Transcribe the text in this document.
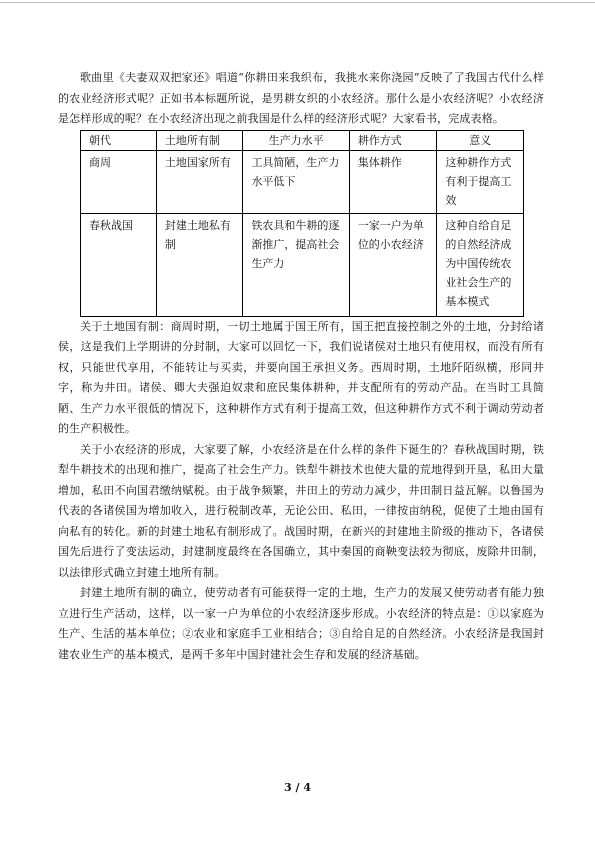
歌曲里《夫妻双双把家还》唱道“你耕田来我织布，我挑水来你浇园”反映了了我国古代什么样的农业经济形式呢？正如书本标题所说，是男耕女织的小农经济。那什么是小农经济呢？小农经济是怎样形成的呢？在小农经济出现之前我国是什么样的经济形式呢？大家看书，完成表格。

朝代	土地所有制	生产力水平	耕作方式	意义
商周	土地国家所有	工具简陋，生产力水平低下	集体耕作	这种耕作方式有利于提高工效
春秋战国	封建土地私有制	铁农具和牛耕的逐渐推广，提高社会生产力	一家一户为单位的小农经济	这种自给自足的自然经济成为中国传统农业社会生产的基本模式

关于土地国有制：商周时期，一切土地属于国王所有，国王把直接控制之外的土地，分封给诸侯，这是我们上学期讲的分封制，大家可以回忆一下，我们说诸侯对土地只有使用权，而没有所有权，只能世代享用，不能转让与买卖，并要向国王承担义务。西周时期，土地阡陌纵横，形同井字，称为井田。诸侯、卿大夫强迫奴隶和庶民集体耕种，并支配所有的劳动产品。在当时工具简陋、生产力水平很低的情况下，这种耕作方式有利于提高工效，但这种耕作方式不利于调动劳动者的生产积极性。

关于小农经济的形成，大家要了解，小农经济是在什么样的条件下诞生的？春秋战国时期，铁犁牛耕技术的出现和推广，提高了社会生产力。铁犁牛耕技术也使大量的荒地得到开垦，私田大量增加，私田不向国君缴纳赋税。由于战争频繁，井田上的劳动力减少，井田制日益瓦解。以鲁国为代表的各诸侯国为增加收入，进行税制改革，无论公田、私田，一律按亩纳税，促使了土地由国有向私有的转化。新的封建土地私有制形成了。战国时期，在新兴的封建地主阶级的推动下，各诸侯国先后进行了变法运动，封建制度最终在各国确立，其中秦国的商鞅变法较为彻底，废除井田制，以法律形式确立封建土地所有制。

封建土地所有制的确立，使劳动者有可能获得一定的土地，生产力的发展又使劳动者有能力独立进行生产活动，这样，以一家一户为单位的小农经济逐步形成。小农经济的特点是：①以家庭为生产、生活的基本单位；②农业和家庭手工业相结合；③自给自足的自然经济。小农经济是我国封建农业生产的基本模式，是两千多年中国封建社会生存和发展的经济基础。

3 / 4
